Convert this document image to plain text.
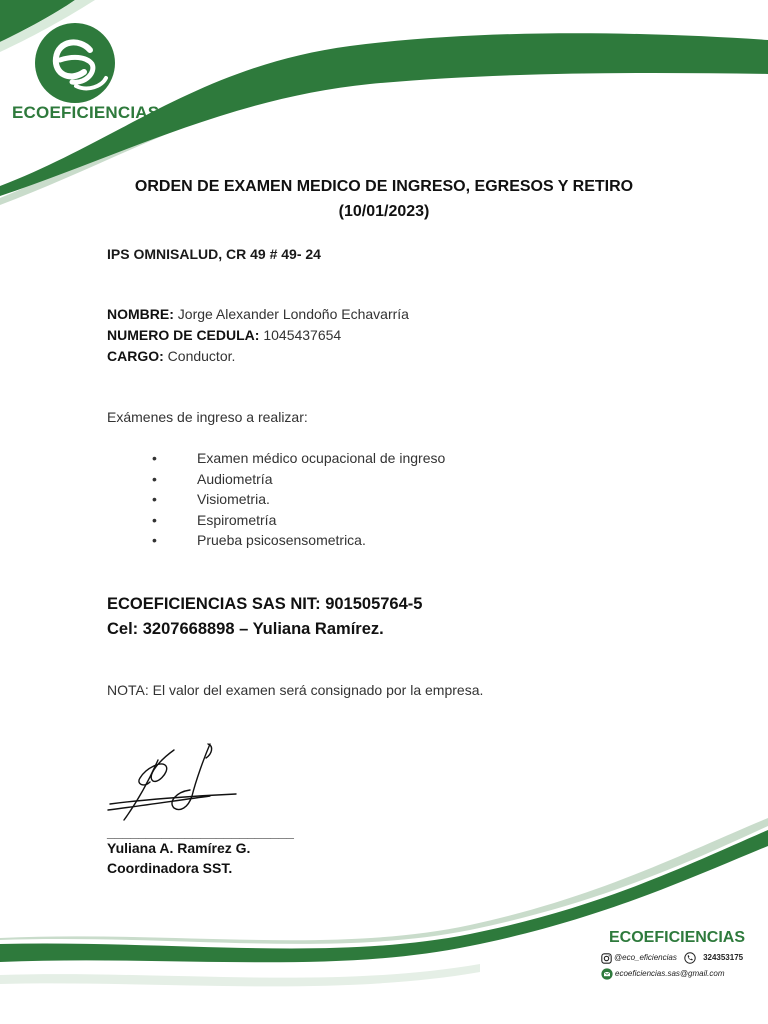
ECOEFICIENCIAS
ORDEN DE EXAMEN MEDICO DE INGRESO, EGRESOS Y RETIRO
(10/01/2023)
IPS OMNISALUD, CR 49 # 49- 24
NOMBRE: Jorge Alexander Londoño Echavarría
NUMERO DE CEDULA: 1045437654
CARGO: Conductor.
Exámenes de ingreso a realizar:
•	Examen médico ocupacional de ingreso
•	Audiometría
•	Visiometria.
•	Espirometría
•	Prueba psicosensometrica.
ECOEFICIENCIAS SAS NIT: 901505764-5
Cel: 3207668898 – Yuliana Ramírez.
NOTA: El valor del examen será consignado por la empresa.
________________________
Yuliana A. Ramírez G.
Coordinadora SST.
ECOEFICIENCIAS
@eco_eficiencias	324353175
ecoeficiencias.sas@gmail.com
